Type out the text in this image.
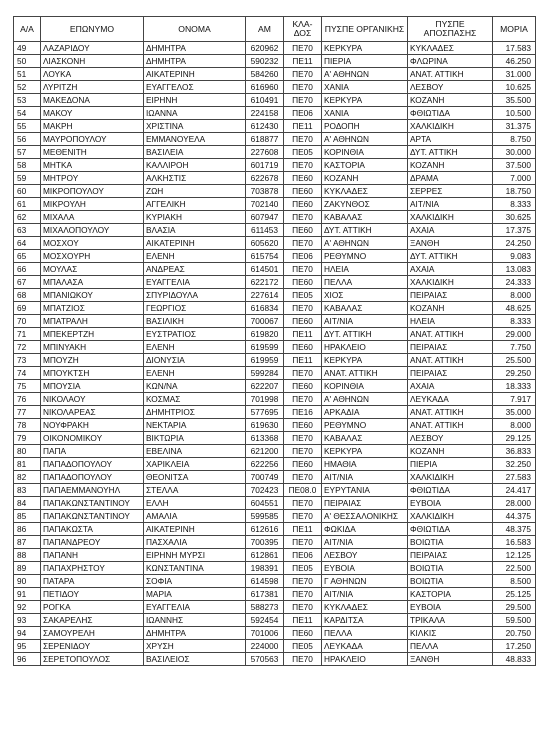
Α/Α	ΕΠΩΝΥΜΟ	ΟΝΟΜΑ	ΑΜ	ΚΛΑ-ΔΟΣ	ΠΥΣΠΕ ΟΡΓΑΝΙΚΗΣ	ΠΥΣΠΕ ΑΠΟΣΠΑΣΗΣ	ΜΟΡΙΑ
49	ΛΑΖΑΡΙΔΟΥ	ΔΗΜΗΤΡΑ	620962	ΠΕ70	ΚΕΡΚΥΡΑ	ΚΥΚΛΑΔΕΣ	17.583
50	ΛΙΑΣΚΟΝΗ	ΔΗΜΗΤΡΑ	590232	ΠΕ11	ΠΙΕΡΙΑ	ΦΛΩΡΙΝΑ	46.250
51	ΛΟΥΚΑ	ΑΙΚΑΤΕΡΙΝΗ	584260	ΠΕ70	Α' ΑΘΗΝΩΝ	ΑΝΑΤ. ΑΤΤΙΚΗ	31.000
52	ΛΥΡΙΤΖΗ	ΕΥΑΓΓΕΛΟΣ	616960	ΠΕ70	ΧΑΝΙΑ	ΛΕΣΒΟΥ	10.625
53	ΜΑΚΕΔΟΝΑ	ΕΙΡΗΝΗ	610491	ΠΕ70	ΚΕΡΚΥΡΑ	ΚΟΖΑΝΗ	35.500
54	ΜΑΚΟΥ	ΙΩΑΝΝΑ	224158	ΠΕ06	ΧΑΝΙΑ	ΦΘΙΩΤΙΔΑ	10.500
55	ΜΑΚΡΗ	ΧΡΙΣΤΙΝΑ	612430	ΠΕ11	ΡΟΔΟΠΗ	ΧΑΛΚΙΔΙΚΗ	31.375
56	ΜΑΥΡΟΠΟΥΛΟΥ	ΕΜΜΑΝΟΥΕΛΑ	618877	ΠΕ70	Α' ΑΘΗΝΩΝ	ΑΡΤΑ	8.750
57	ΜΕΘΕΝΙΤΗ	ΒΑΣΙΛΕΙΑ	227608	ΠΕ05	ΚΟΡΙΝΘΙΑ	ΔΥΤ. ΑΤΤΙΚΗ	30.000
58	ΜΗΤΚΑ	ΚΑΛΛΙΡΟΗ	601719	ΠΕ70	ΚΑΣΤΟΡΙΑ	ΚΟΖΑΝΗ	37.500
59	ΜΗΤΡΟΥ	ΑΛΚΗΣΤΙΣ	622678	ΠΕ60	ΚΟΖΑΝΗ	ΔΡΑΜΑ	7.000
60	ΜΙΚΡΟΠΟΥΛΟΥ	ΖΩΗ	703878	ΠΕ60	ΚΥΚΛΑΔΕΣ	ΣΕΡΡΕΣ	18.750
61	ΜΙΚΡΟΥΛΗ	ΑΓΓΕΛΙΚΗ	702140	ΠΕ60	ΖΑΚΥΝΘΟΣ	ΑΙΤ/ΝΙΑ	8.333
62	ΜΙΧΑΛΑ	ΚΥΡΙΑΚΗ	607947	ΠΕ70	ΚΑΒΑΛΑΣ	ΧΑΛΚΙΔΙΚΗ	30.625
63	ΜΙΧΑΛΟΠΟΥΛΟΥ	ΒΛΑΣΙΑ	611453	ΠΕ60	ΔΥΤ. ΑΤΤΙΚΗ	ΑΧΑΙΑ	17.375
64	ΜΟΣΧΟΥ	ΑΙΚΑΤΕΡΙΝΗ	605620	ΠΕ70	Α' ΑΘΗΝΩΝ	ΞΑΝΘΗ	24.250
65	ΜΟΣΧΟΥΡΗ	ΕΛΕΝΗ	615754	ΠΕ06	ΡΕΘΥΜΝΟ	ΔΥΤ. ΑΤΤΙΚΗ	9.083
66	ΜΟΥΛΑΣ	ΑΝΔΡΕΑΣ	614501	ΠΕ70	ΗΛΕΙΑ	ΑΧΑΙΑ	13.083
67	ΜΠΑΛΑΣΑ	ΕΥΑΓΓΕΛΙΑ	622172	ΠΕ60	ΠΕΛΛΑ	ΧΑΛΚΙΔΙΚΗ	24.333
68	ΜΠΑΝΙΩΚΟΥ	ΣΠΥΡΙΔΟΥΛΑ	227614	ΠΕ05	ΧΙΟΣ	ΠΕΙΡΑΙΑΣ	8.000
69	ΜΠΑΤΖΙΟΣ	ΓΕΩΡΓΙΟΣ	616834	ΠΕ70	ΚΑΒΑΛΑΣ	ΚΟΖΑΝΗ	48.625
70	ΜΠΑΤΡΑΛΗ	ΒΑΣΙΛΙΚΗ	700067	ΠΕ60	ΑΙΤ/ΝΙΑ	ΗΛΕΙΑ	8.333
71	ΜΠΕΚΕΡΤΖΗ	ΕΥΣΤΡΑΤΙΟΣ	619820	ΠΕ11	ΔΥΤ. ΑΤΤΙΚΗ	ΑΝΑΤ. ΑΤΤΙΚΗ	29.000
72	ΜΠΙΝΥΑΚΗ	ΕΛΕΝΗ	619599	ΠΕ60	ΗΡΑΚΛΕΙΟ	ΠΕΙΡΑΙΑΣ	7.750
73	ΜΠΟΥΖΗ	ΔΙΟΝΥΣΙΑ	619959	ΠΕ11	ΚΕΡΚΥΡΑ	ΑΝΑΤ. ΑΤΤΙΚΗ	25.500
74	ΜΠΟΥΚΤΣΗ	ΕΛΕΝΗ	599284	ΠΕ70	ΑΝΑΤ. ΑΤΤΙΚΗ	ΠΕΙΡΑΙΑΣ	29.250
75	ΜΠΟΥΣΙΑ	ΚΩΝ/ΝΑ	622207	ΠΕ60	ΚΟΡΙΝΘΙΑ	ΑΧΑΙΑ	18.333
76	ΝΙΚΟΛΑΟΥ	ΚΟΣΜΑΣ	701998	ΠΕ70	Α' ΑΘΗΝΩΝ	ΛΕΥΚΑΔΑ	7.917
77	ΝΙΚΟΛΑΡΕΑΣ	ΔΗΜΗΤΡΙΟΣ	577695	ΠΕ16	ΑΡΚΑΔΙΑ	ΑΝΑΤ. ΑΤΤΙΚΗ	35.000
78	ΝΟΥΦΡΑΚΗ	ΝΕΚΤΑΡΙΑ	619630	ΠΕ60	ΡΕΘΥΜΝΟ	ΑΝΑΤ. ΑΤΤΙΚΗ	8.000
79	ΟΙΚΟΝΟΜΙΚΟΥ	ΒΙΚΤΩΡΙΑ	613368	ΠΕ70	ΚΑΒΑΛΑΣ	ΛΕΣΒΟΥ	29.125
80	ΠΑΠΑ	ΕΒΕΛΙΝΑ	621200	ΠΕ70	ΚΕΡΚΥΡΑ	ΚΟΖΑΝΗ	36.833
81	ΠΑΠΑΔΟΠΟΥΛΟΥ	ΧΑΡΙΚΛΕΙΑ	622256	ΠΕ60	ΗΜΑΘΙΑ	ΠΙΕΡΙΑ	32.250
82	ΠΑΠΑΔΟΠΟΥΛΟΥ	ΘΕΟΝΙΤΣΑ	700749	ΠΕ70	ΑΙΤ/ΝΙΑ	ΧΑΛΚΙΔΙΚΗ	27.583
83	ΠΑΠΑΕΜΜΑΝΟΥΗΛ	ΣΤΕΛΛΑ	702423	ΠΕ08.0	ΕΥΡΥΤΑΝΙΑ	ΦΘΙΩΤΙΔΑ	24.417
84	ΠΑΠΑΚΩΝΣΤΑΝΤΙΝΟΥ	ΕΛΛΗ	604551	ΠΕ70	ΠΕΙΡΑΙΑΣ	ΕΥΒΟΙΑ	28.000
85	ΠΑΠΑΚΩΝΣΤΑΝΤΙΝΟΥ	ΑΜΑΛΙΑ	599585	ΠΕ70	Α' ΘΕΣΣΑΛΟΝΙΚΗΣ	ΧΑΛΚΙΔΙΚΗ	44.375
86	ΠΑΠΑΚΩΣΤΑ	ΑΙΚΑΤΕΡΙΝΗ	612616	ΠΕ11	ΦΩΚΙΔΑ	ΦΘΙΩΤΙΔΑ	48.375
87	ΠΑΠΑΝΔΡΕΟΥ	ΠΑΣΧΑΛΙΑ	700395	ΠΕ70	ΑΙΤ/ΝΙΑ	ΒΟΙΩΤΙΑ	16.583
88	ΠΑΠΑΝΗ	ΕΙΡΗΝΗ ΜΥΡΣΙ	612861	ΠΕ06	ΛΕΣΒΟΥ	ΠΕΙΡΑΙΑΣ	12.125
89	ΠΑΠΑΧΡΗΣΤΟΥ	ΚΩΝΣΤΑΝΤΙΝΑ	198391	ΠΕ05	ΕΥΒΟΙΑ	ΒΟΙΩΤΙΑ	22.500
90	ΠΑΤΑΡΑ	ΣΟΦΙΑ	614598	ΠΕ70	Γ ΑΘΗΝΩΝ	ΒΟΙΩΤΙΑ	8.500
91	ΠΕΤΙΔΟΥ	ΜΑΡΙΑ	617381	ΠΕ70	ΑΙΤ/ΝΙΑ	ΚΑΣΤΟΡΙΑ	25.125
92	ΡΟΓΚΑ	ΕΥΑΓΓΕΛΙΑ	588273	ΠΕ70	ΚΥΚΛΑΔΕΣ	ΕΥΒΟΙΑ	29.500
93	ΣΑΚΑΡΕΛΗΣ	ΙΩΑΝΝΗΣ	592454	ΠΕ11	ΚΑΡΔΙΤΣΑ	ΤΡΙΚΑΛΑ	59.500
94	ΣΑΜΟΥΡΕΛΗ	ΔΗΜΗΤΡΑ	701006	ΠΕ60	ΠΕΛΛΑ	ΚΙΛΚΙΣ	20.750
95	ΣΕΡΕΝΙΔΟΥ	ΧΡΥΣΗ	224000	ΠΕ05	ΛΕΥΚΑΔΑ	ΠΕΛΛΑ	17.250
96	ΣΕΡΕΤΟΠΟΥΛΟΣ	ΒΑΣΙΛΕΙΟΣ	570563	ΠΕ70	ΗΡΑΚΛΕΙΟ	ΞΑΝΘΗ	48.833
